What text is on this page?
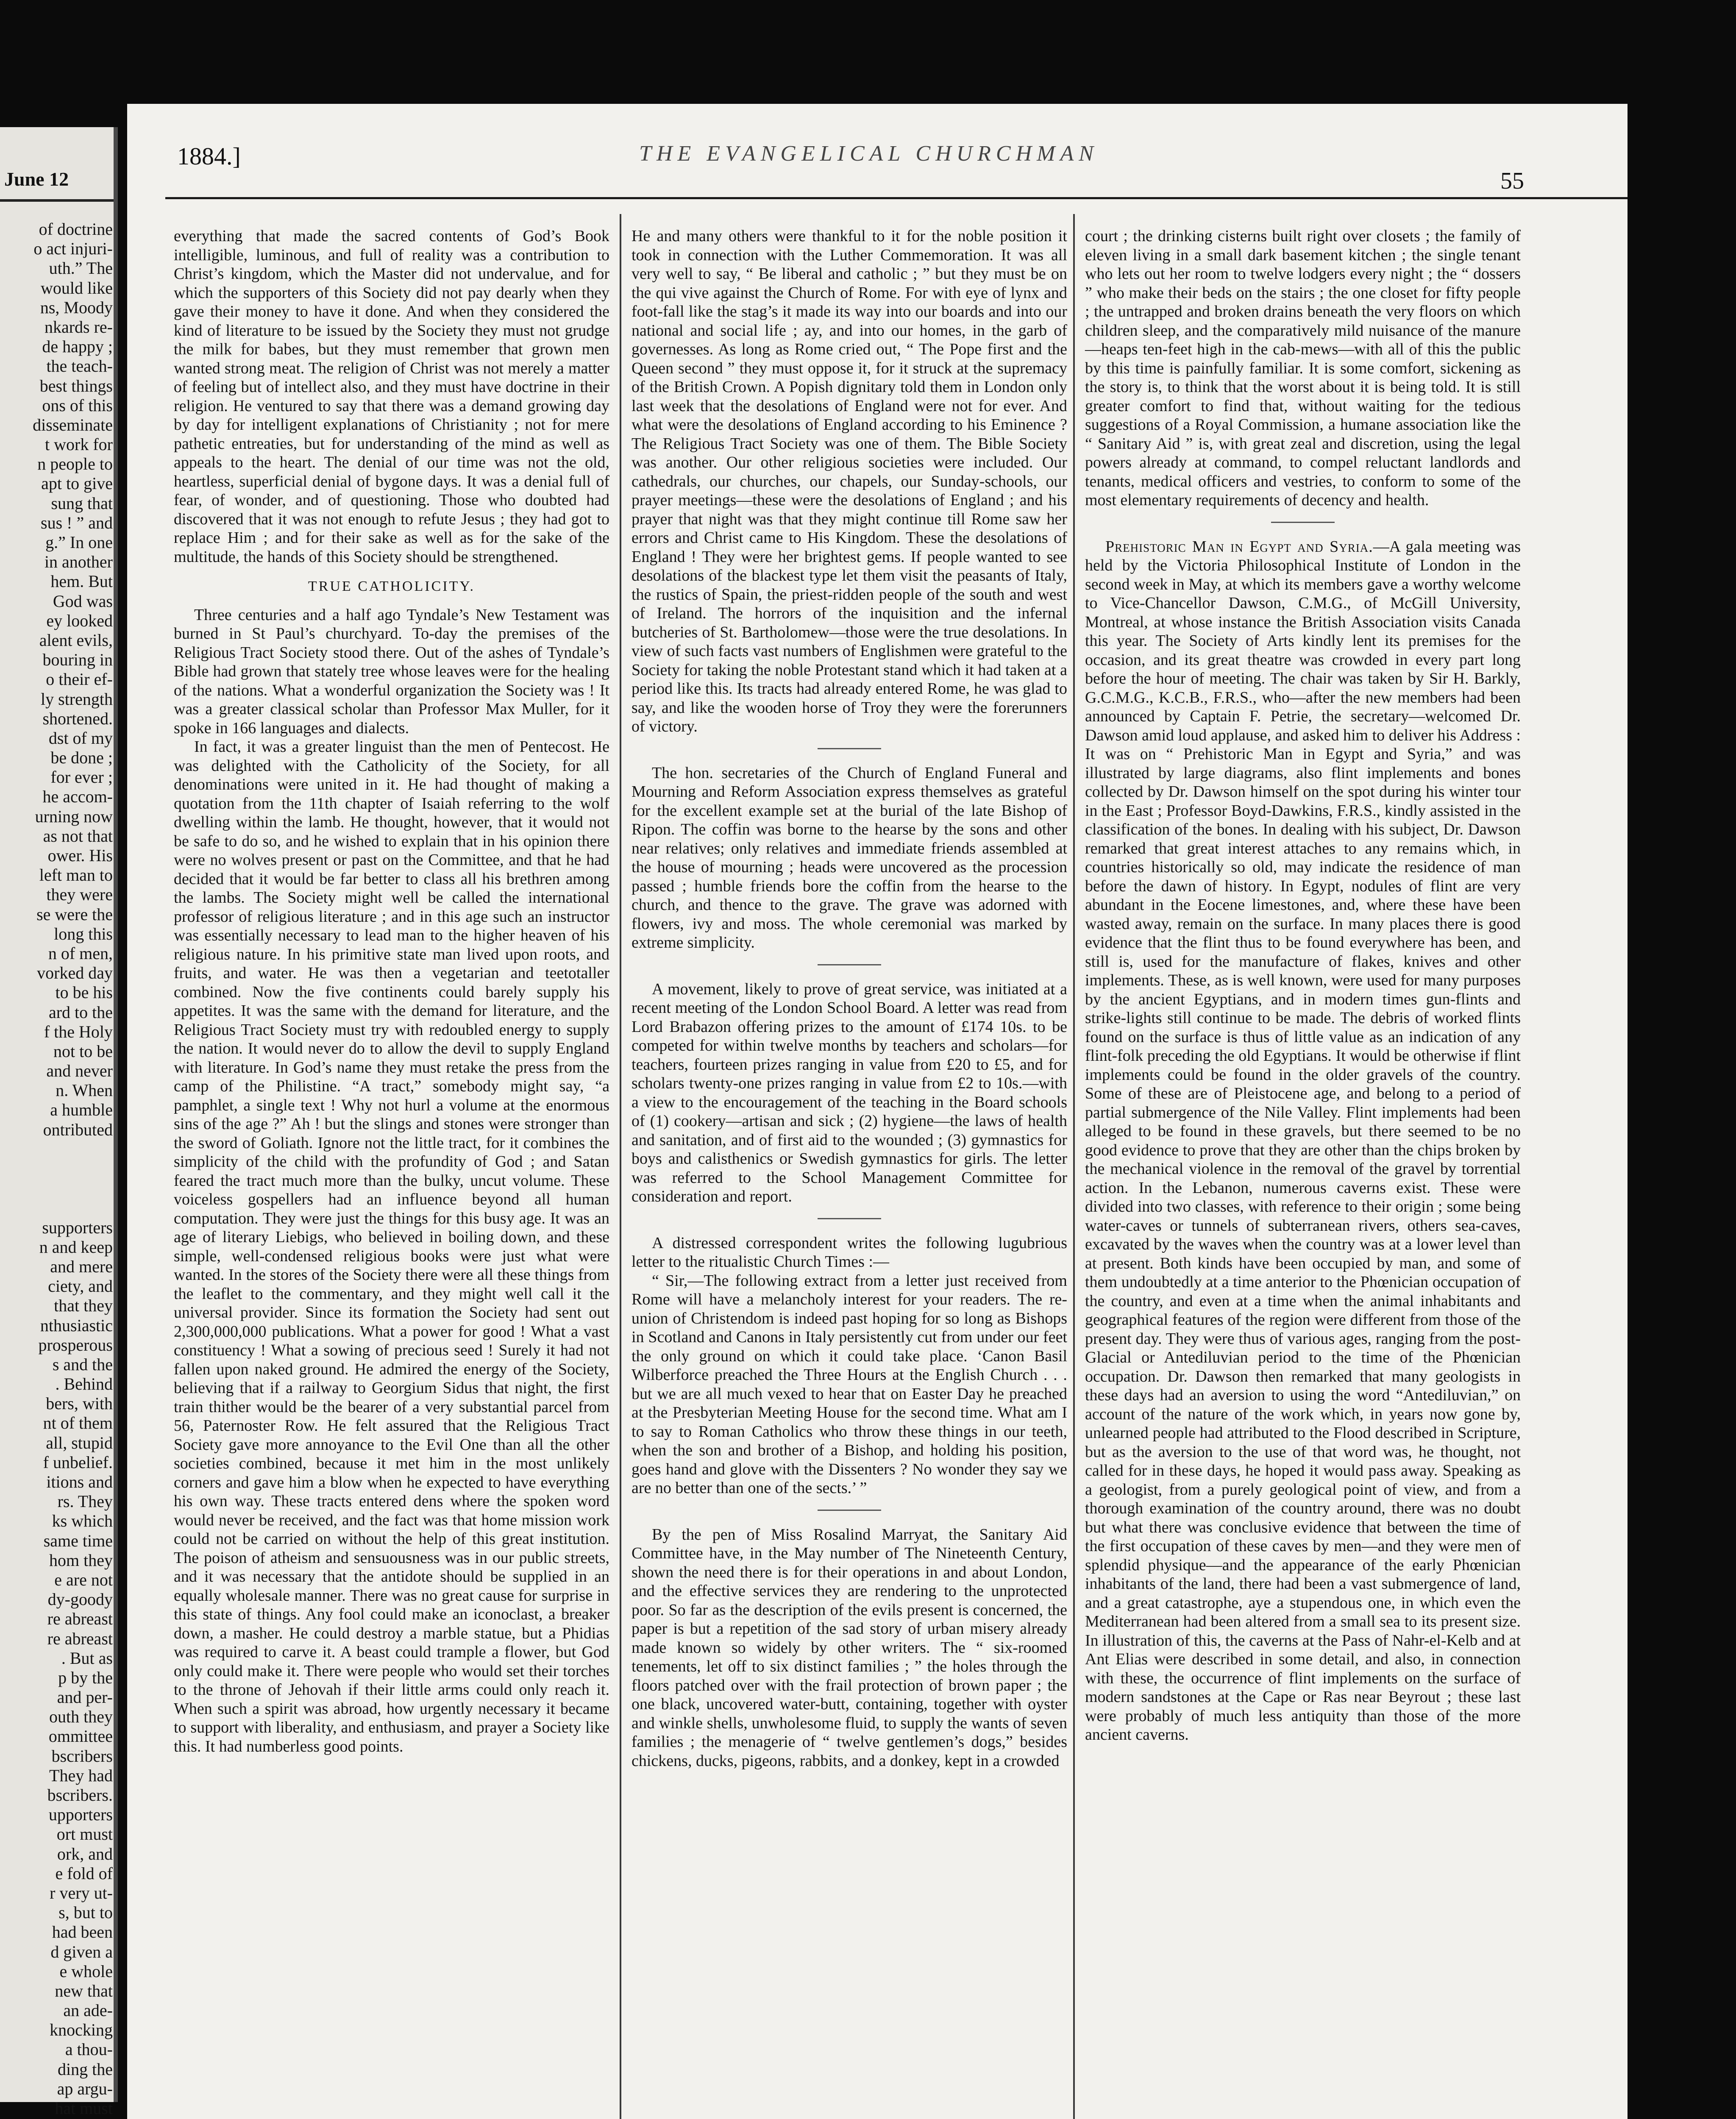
June 12
of doctrine
o act injuri-
uth.” The
would like
ns, Moody
nkards re-
de happy ;
the teach-
best things
ons of this
disseminate
t work for
n people to
apt to give
sung that
sus ! ” and
g.” In one
in another
hem. But
God was
ey looked
alent evils,
bouring in
o their ef-
ly strength
shortened.
dst of my
be done ;
for ever ;
he accom-
urning now
as not that
ower. His
left man to
they were
se were the
long this
n of men,
vorked day
to be his
ard to the
f the Holy
not to be
and never
n. When
a humble
ontributed
supporters
n and keep
and mere
ciety, and
that they
nthusiastic
prosperous
s and the
. Behind
bers, with
nt of them
all, stupid
f unbelief.
itions and
rs. They
ks which
same time
hom they
e are not
dy-goody
re abreast
re abreast
. But as
p by the
and per-
outh they
ommittee
bscribers
They had
bscribers.
upporters
ort must
ork, and
e fold of
r very ut-
s, but to
had been
d given a
e whole
new that
an ade-
knocking
a thou-
ding the
ap argu-
hat must
1884.]	THE EVANGELICAL CHURCHMAN
55

everything that made the sacred contents of God’s Book intelligible, luminous, and full of reality was a contribution to Christ’s kingdom, which the Master did not undervalue, and for which the supporters of this Society did not pay dearly when they gave their money to have it done. And when they considered the kind of literature to be issued by the Society they must not grudge the milk for babes, but they must remember that grown men wanted strong meat. The religion of Christ was not merely a matter of feeling but of intellect also, and they must have doctrine in their religion. He ventured to say that there was a demand growing day by day for intelligent explanations of Christianity ; not for mere pathetic entreaties, but for understanding of the mind as well as appeals to the heart. The denial of our time was not the old, heartless, superficial denial of bygone days. It was a denial full of fear, of wonder, and of questioning. Those who doubted had discovered that it was not enough to refute Jesus ; they had got to replace Him ; and for their sake as well as for the sake of the multitude, the hands of this Society should be strengthened.

TRUE CATHOLICITY.

Three centuries and a half ago Tyndale’s New Testament was burned in St Paul’s churchyard. To-day the premises of the Religious Tract Society stood there. Out of the ashes of Tyndale’s Bible had grown that stately tree whose leaves were for the healing of the nations. What a wonderful organization the Society was ! It was a greater classical scholar than Professor Max Muller, for it spoke in 166 languages and dialects.

In fact, it was a greater linguist than the men of Pentecost. He was delighted with the Catholicity of the Society, for all denominations were united in it. He had thought of making a quotation from the 11th chapter of Isaiah referring to the wolf dwelling within the lamb. He thought, however, that it would not be safe to do so, and he wished to explain that in his opinion there were no wolves present or past on the Committee, and that he had decided that it would be far better to class all his brethren among the lambs. The Society might well be called the international professor of religious literature ; and in this age such an instructor was essentially necessary to lead man to the higher heaven of his religious nature. In his primitive state man lived upon roots, and fruits, and water. He was then a vegetarian and teetotaller combined. Now the five continents could barely supply his appetites. It was the same with the demand for literature, and the Religious Tract Society must try with redoubled energy to supply the nation. It would never do to allow the devil to supply England with literature. In God’s name they must retake the press from the camp of the Philistine. “A tract,” somebody might say, “a pamphlet, a single text ! Why not hurl a volume at the enormous sins of the age ?” Ah ! but the slings and stones were stronger than the sword of Goliath. Ignore not the little tract, for it combines the simplicity of the child with the profundity of God ; and Satan feared the tract much more than the bulky, uncut volume. These voiceless gospellers had an influence beyond all human computation. They were just the things for this busy age. It was an age of literary Liebigs, who believed in boiling down, and these simple, well-condensed religious books were just what were wanted. In the stores of the Society there were all these things from the leaflet to the commentary, and they might well call it the universal provider. Since its formation the Society had sent out 2,300,000,000 publications. What a power for good ! What a vast constituency ! What a sowing of precious seed ! Surely it had not fallen upon naked ground. He admired the energy of the Society, believing that if a railway to Georgium Sidus that night, the first train thither would be the bearer of a very substantial parcel from 56, Paternoster Row. He felt assured that the Religious Tract Society gave more annoyance to the Evil One than all the other societies combined, because it met him in the most unlikely corners and gave him a blow when he expected to have everything his own way. These tracts entered dens where the spoken word would never be received, and the fact was that home mission work could not be carried on without the help of this great institution. The poison of atheism and sensuousness was in our public streets, and it was necessary that the antidote should be supplied in an equally wholesale manner. There was no great cause for surprise in this state of things. Any fool could make an iconoclast, a breaker down, a masher. He could destroy a marble statue, but a Phidias was required to carve it. A beast could trample a flower, but God only could make it. There were people who would set their torches to the throne of Jehovah if their little arms could only reach it. When such a spirit was abroad, how urgently necessary it became to support with liberality, and enthusiasm, and prayer a Society like this. It had numberless good points.

He and many others were thankful to it for the noble position it took in connection with the Luther Commemoration. It was all very well to say, “ Be liberal and catholic ; ” but they must be on the qui vive against the Church of Rome. For with eye of lynx and foot-fall like the stag’s it made its way into our boards and into our national and social life ; ay, and into our homes, in the garb of governesses. As long as Rome cried out, “ The Pope first and the Queen second ” they must oppose it, for it struck at the supremacy of the British Crown. A Popish dignitary told them in London only last week that the desolations of England were not for ever. And what were the desolations of England according to his Eminence ? The Religious Tract Society was one of them. The Bible Society was another. Our other religious societies were included. Our cathedrals, our churches, our chapels, our Sunday-schools, our prayer meetings—these were the desolations of England ; and his prayer that night was that they might continue till Rome saw her errors and Christ came to His Kingdom. These the desolations of England ! They were her brightest gems. If people wanted to see desolations of the blackest type let them visit the peasants of Italy, the rustics of Spain, the priest-ridden people of the south and west of Ireland. The horrors of the inquisition and the infernal butcheries of St. Bartholomew—those were the true desolations. In view of such facts vast numbers of Englishmen were grateful to the Society for taking the noble Protestant stand which it had taken at a period like this. Its tracts had already entered Rome, he was glad to say, and like the wooden horse of Troy they were the forerunners of victory.

The hon. secretaries of the Church of England Funeral and Mourning and Reform Association express themselves as grateful for the excellent example set at the burial of the late Bishop of Ripon. The coffin was borne to the hearse by the sons and other near relatives; only relatives and immediate friends assembled at the house of mourning ; heads were uncovered as the procession passed ; humble friends bore the coffin from the hearse to the church, and thence to the grave. The grave was adorned with flowers, ivy and moss. The whole ceremonial was marked by extreme simplicity.

A movement, likely to prove of great service, was initiated at a recent meeting of the London School Board. A letter was read from Lord Brabazon offering prizes to the amount of £174 10s. to be competed for within twelve months by teachers and scholars—for teachers, fourteen prizes ranging in value from £20 to £5, and for scholars twenty-one prizes ranging in value from £2 to 10s.—with a view to the encouragement of the teaching in the Board schools of (1) cookery—artisan and sick ; (2) hygiene—the laws of health and sanitation, and of first aid to the wounded ; (3) gymnastics for boys and calisthenics or Swedish gymnastics for girls. The letter was referred to the School Management Committee for consideration and report.

A distressed correspondent writes the following lugubrious letter to the ritualistic Church Times :—

“ Sir,—The following extract from a letter just received from Rome will have a melancholy interest for your readers. The re-union of Christendom is indeed past hoping for so long as Bishops in Scotland and Canons in Italy persistently cut from under our feet the only ground on which it could take place. ‘Canon Basil Wilberforce preached the Three Hours at the English Church . . . but we are all much vexed to hear that on Easter Day he preached at the Presbyterian Meeting House for the second time. What am I to say to Roman Catholics who throw these things in our teeth, when the son and brother of a Bishop, and holding his position, goes hand and glove with the Dissenters ? No wonder they say we are no better than one of the sects.’ ”

By the pen of Miss Rosalind Marryat, the Sanitary Aid Committee have, in the May number of The Nineteenth Century, shown the need there is for their operations in and about London, and the effective services they are rendering to the unprotected poor. So far as the description of the evils present is concerned, the paper is but a repetition of the sad story of urban misery already made known so widely by other writers. The “ six-roomed tenements, let off to six distinct families ; ” the holes through the floors patched over with the frail protection of brown paper ; the one black, uncovered water-butt, containing, together with oyster and winkle shells, unwholesome fluid, to supply the wants of seven families ; the menagerie of “ twelve gentlemen’s dogs,” besides chickens, ducks, pigeons, rabbits, and a donkey, kept in a crowded

court ; the drinking cisterns built right over closets ; the family of eleven living in a small dark basement kitchen ; the single tenant who lets out her room to twelve lodgers every night ; the “ dossers ” who make their beds on the stairs ; the one closet for fifty people ; the untrapped and broken drains beneath the very floors on which children sleep, and the comparatively mild nuisance of the manure—heaps ten-feet high in the cab-mews—with all of this the public by this time is painfully familiar. It is some comfort, sickening as the story is, to think that the worst about it is being told. It is still greater comfort to find that, without waiting for the tedious suggestions of a Royal Commission, a humane association like the “ Sanitary Aid ” is, with great zeal and discretion, using the legal powers already at command, to compel reluctant landlords and tenants, medical officers and vestries, to conform to some of the most elementary requirements of decency and health.

Prehistoric Man in Egypt and Syria.—A gala meeting was held by the Victoria Philosophical Institute of London in the second week in May, at which its members gave a worthy welcome to Vice-Chancellor Dawson, C.M.G., of McGill University, Montreal, at whose instance the British Association visits Canada this year. The Society of Arts kindly lent its premises for the occasion, and its great theatre was crowded in every part long before the hour of meeting. The chair was taken by Sir H. Barkly, G.C.M.G., K.C.B., F.R.S., who—after the new members had been announced by Captain F. Petrie, the secretary—welcomed Dr. Dawson amid loud applause, and asked him to deliver his Address : It was on “ Prehistoric Man in Egypt and Syria,” and was illustrated by large diagrams, also flint implements and bones collected by Dr. Dawson himself on the spot during his winter tour in the East ; Professor Boyd-Dawkins, F.R.S., kindly assisted in the classification of the bones. In dealing with his subject, Dr. Dawson remarked that great interest attaches to any remains which, in countries historically so old, may indicate the residence of man before the dawn of history. In Egypt, nodules of flint are very abundant in the Eocene limestones, and, where these have been wasted away, remain on the surface. In many places there is good evidence that the flint thus to be found everywhere has been, and still is, used for the manufacture of flakes, knives and other implements. These, as is well known, were used for many purposes by the ancient Egyptians, and in modern times gun-flints and strike-lights still continue to be made. The debris of worked flints found on the surface is thus of little value as an indication of any flint-folk preceding the old Egyptians. It would be otherwise if flint implements could be found in the older gravels of the country. Some of these are of Pleistocene age, and belong to a period of partial submergence of the Nile Valley. Flint implements had been alleged to be found in these gravels, but there seemed to be no good evidence to prove that they are other than the chips broken by the mechanical violence in the removal of the gravel by torrential action. In the Lebanon, numerous caverns exist. These were divided into two classes, with reference to their origin ; some being water-caves or tunnels of subterranean rivers, others sea-caves, excavated by the waves when the country was at a lower level than at present. Both kinds have been occupied by man, and some of them undoubtedly at a time anterior to the Phœnician occupation of the country, and even at a time when the animal inhabitants and geographical features of the region were different from those of the present day. They were thus of various ages, ranging from the post-Glacial or Antediluvian period to the time of the Phœnician occupation. Dr. Dawson then remarked that many geologists in these days had an aversion to using the word “Antediluvian,” on account of the nature of the work which, in years now gone by, unlearned people had attributed to the Flood described in Scripture, but as the aversion to the use of that word was, he thought, not called for in these days, he hoped it would pass away. Speaking as a geologist, from a purely geological point of view, and from a thorough examination of the country around, there was no doubt but what there was conclusive evidence that between the time of the first occupation of these caves by men—and they were men of splendid physique—and the appearance of the early Phœnician inhabitants of the land, there had been a vast submergence of land, and a great catastrophe, aye a stupendous one, in which even the Mediterranean had been altered from a small sea to its present size. In illustration of this, the caverns at the Pass of Nahr-el-Kelb and at Ant Elias were described in some detail, and also, in connection with these, the occurrence of flint implements on the surface of modern sandstones at the Cape or Ras near Beyrout ; these last were probably of much less antiquity than those of the more ancient caverns.
